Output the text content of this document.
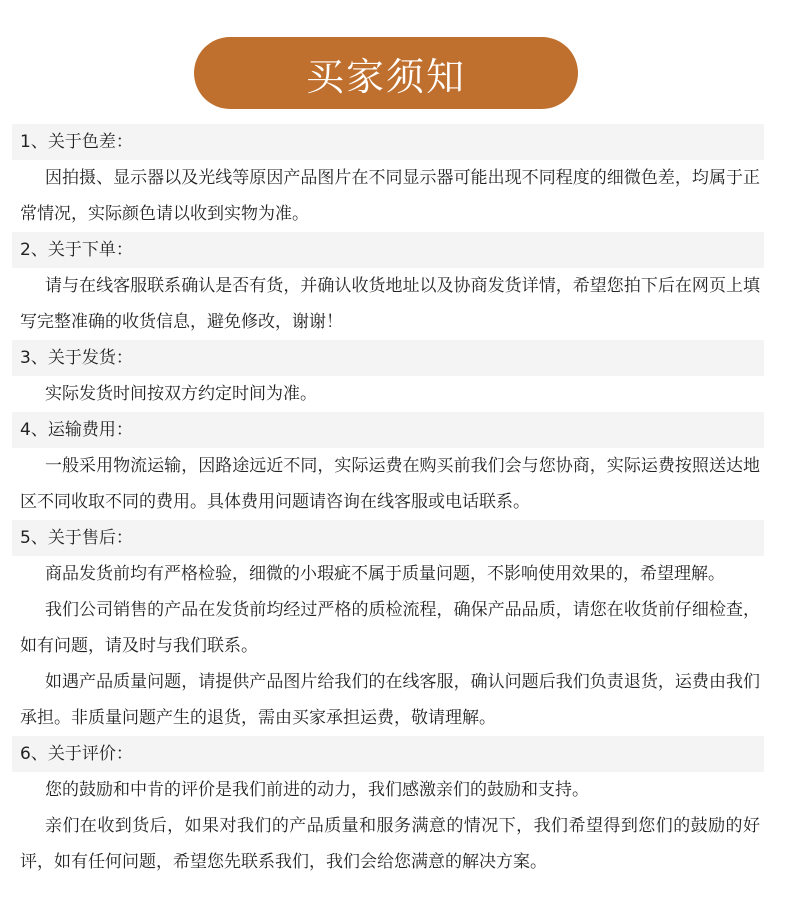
买家须知
1、关于色差：
因拍摄、显示器以及光线等原因产品图片在不同显示器可能出现不同程度的细微色差，均属于正常情况，实际颜色请以收到实物为准。
2、关于下单：
请与在线客服联系确认是否有货，并确认收货地址以及协商发货详情，希望您拍下后在网页上填写完整准确的收货信息，避免修改，谢谢！
3、关于发货：
实际发货时间按双方约定时间为准。
4、运输费用：
一般采用物流运输，因路途远近不同，实际运费在购买前我们会与您协商，实际运费按照送达地区不同收取不同的费用。具体费用问题请咨询在线客服或电话联系。
5、关于售后：
商品发货前均有严格检验，细微的小瑕疵不属于质量问题，不影响使用效果的，希望理解。
我们公司销售的产品在发货前均经过严格的质检流程，确保产品品质，请您在收货前仔细检查，如有问题，请及时与我们联系。
如遇产品质量问题，请提供产品图片给我们的在线客服，确认问题后我们负责退货，运费由我们承担。非质量问题产生的退货，需由买家承担运费，敬请理解。
6、关于评价：
您的鼓励和中肯的评价是我们前进的动力，我们感激亲们的鼓励和支持。
亲们在收到货后，如果对我们的产品质量和服务满意的情况下，我们希望得到您们的鼓励的好评，如有任何问题，希望您先联系我们，我们会给您满意的解决方案。
